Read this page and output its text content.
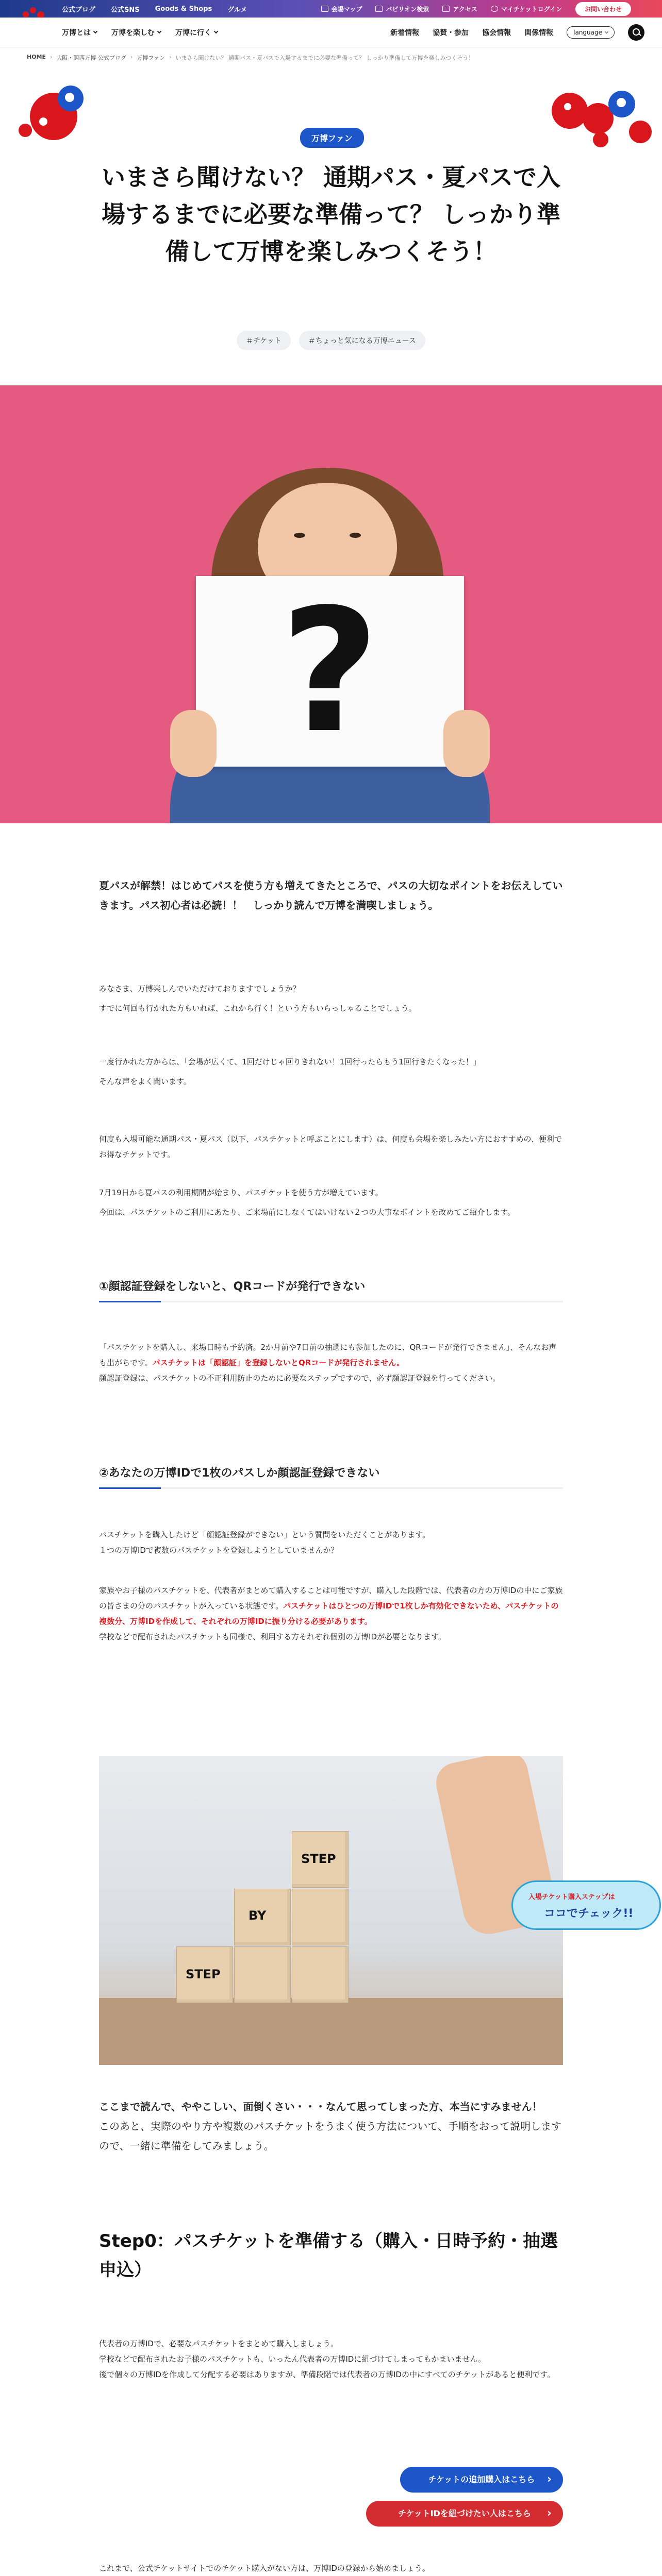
公式ブログ 公式SNS Goods & Shops グルメ	会場マップ	パビリオン検索	アクセス	マイチケットログイン	お問い合わせ
万博とは	万博を楽しむ	万博に行く	新着情報 協賛・参加 協会情報 関係情報	language
HOME › 大阪・関西万博 公式ブログ › 万博ファン › いまさら聞けない？ 通期パス・夏パスで入場するまでに必要な準備って？ しっかり準備して万博を楽しみつくそう！
万博ファン
いまさら聞けない？ 通期パス・夏パスで入場するまでに必要な準備って？ しっかり準備して万博を楽しみつくそう！
＃チケット	＃ちょっと気になる万博ニュース
?

夏パスが解禁！はじめてパスを使う方も増えてきたところで、パスの大切なポイントをお伝えしていきます。パス初心者は必読！！　しっかり読んで万博を満喫しましょう。

みなさま、万博楽しんでいただけておりますでしょうか？

すでに何回も行かれた方もいれば、これから行く！という方もいらっしゃることでしょう。

一度行かれた方からは、「会場が広くて、1回だけじゃ回りきれない！1回行ったらもう1回行きたくなった！」

そんな声をよく聞います。

何度も入場可能な通期パス・夏パス（以下、パスチケットと呼ぶことにします）は、何度も会場を楽しみたい方におすすめの、便利でお得なチケットです。

7月19日から夏パスの利用期間が始まり、パスチケットを使う方が増えています。

今回は、パスチケットのご利用にあたり、ご来場前にしなくてはいけない２つの大事なポイントを改めてご紹介します。

①顔認証登録をしないと、QRコードが発行できない
「パスチケットを購入し、来場日時も予約済。2か月前や7日前の抽選にも参加したのに、QRコードが発行できません」、そんなお声も出がちです。パスチケットは「顔認証」を登録しないとQRコードが発行されません。
顔認証登録は、パスチケットの不正利用防止のために必要なステップですので、必ず顔認証登録を行ってください。
②あなたの万博IDで1枚のパスしか顔認証登録できない
パスチケットを購入したけど「顔認証登録ができない」という質問をいただくことがあります。
１つの万博IDで複数のパスチケットを登録しようとしていませんか？
家族やお子様のパスチケットを、代表者がまとめて購入することは可能ですが、購入した段階では、代表者の方の万博IDの中にご家族の皆さまの分のパスチケットが入っている状態です。パスチケットはひとつの万博IDで1枚しか有効化できないため、パスチケットの複数分、万博IDを作成して、それぞれの万博IDに振り分ける必要があります。
学校などで配布されたパスチケットも同様で、利用する方それぞれ個別の万博IDが必要となります。
STEP
BY
STEP
入場チケット購入ステップは
ココでチェック!!
ここまで読んで、ややこしい、面倒くさい・・・なんて思ってしまった方、本当にすみません！
このあと、実際のやり方や複数のパスチケットをうまく使う方法について、手順をおって説明しますので、一緒に準備をしてみましょう。
Step0：パスチケットを準備する（購入・日時予約・抽選申込）
代表者の万博IDで、必要なパスチケットをまとめて購入しましょう。
学校などで配布されたお子様のパスチケットも、いったん代表者の万博IDに紐づけてしまってもかまいません。
後で個々の万博IDを作成して分配する必要はありますが、準備段階では代表者の万博IDの中にすべてのチケットがあると便利です。
チケットの追加購入はこちら ›
チケットIDを紐づけたい人はこちら ›

これまで、公式チケットサイトでのチケット購入がない方は、万博IDの登録から始めましょう。
